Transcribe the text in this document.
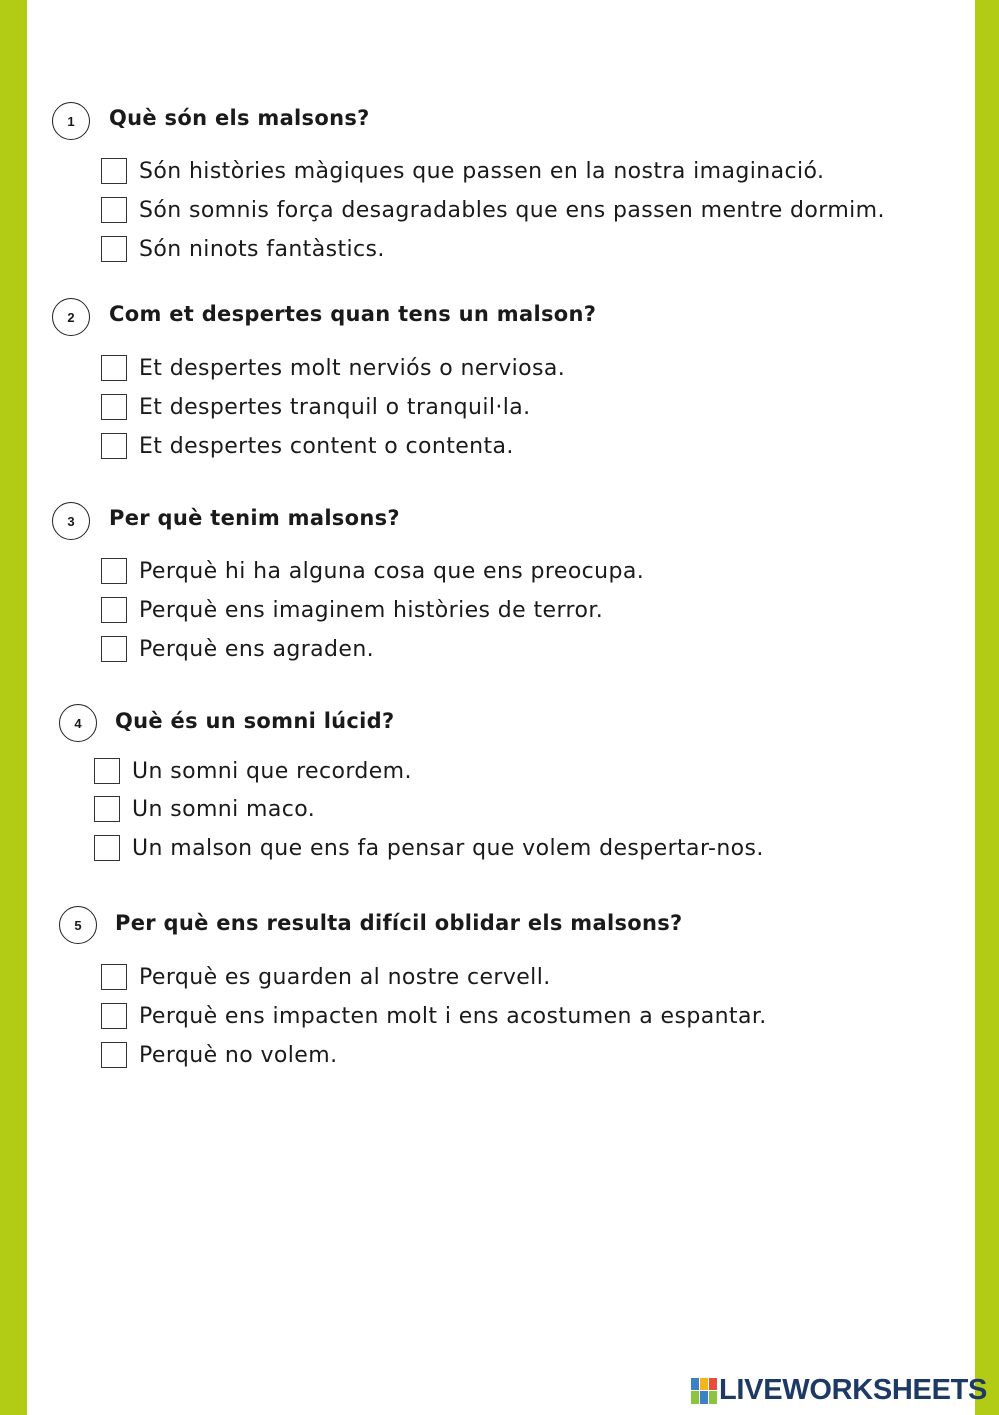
1	Què són els malsons?
Són històries màgiques que passen en la nostra imaginació.
Són somnis força desagradables que ens passen mentre dormim.
Són ninots fantàstics.
2	Com et despertes quan tens un malson?
Et despertes molt nerviós o nerviosa.
Et despertes tranquil o tranquil·la.
Et despertes content o contenta.
3	Per què tenim malsons?
Perquè hi ha alguna cosa que ens preocupa.
Perquè ens imaginem històries de terror.
Perquè ens agraden.
4	Què és un somni lúcid?
Un somni que recordem.
Un somni maco.
Un malson que ens fa pensar que volem despertar-nos.
5	Per què ens resulta difícil oblidar els malsons?
Perquè es guarden al nostre cervell.
Perquè ens impacten molt i ens acostumen a espantar.
Perquè no volem.
LIVEWORKSHEETS
